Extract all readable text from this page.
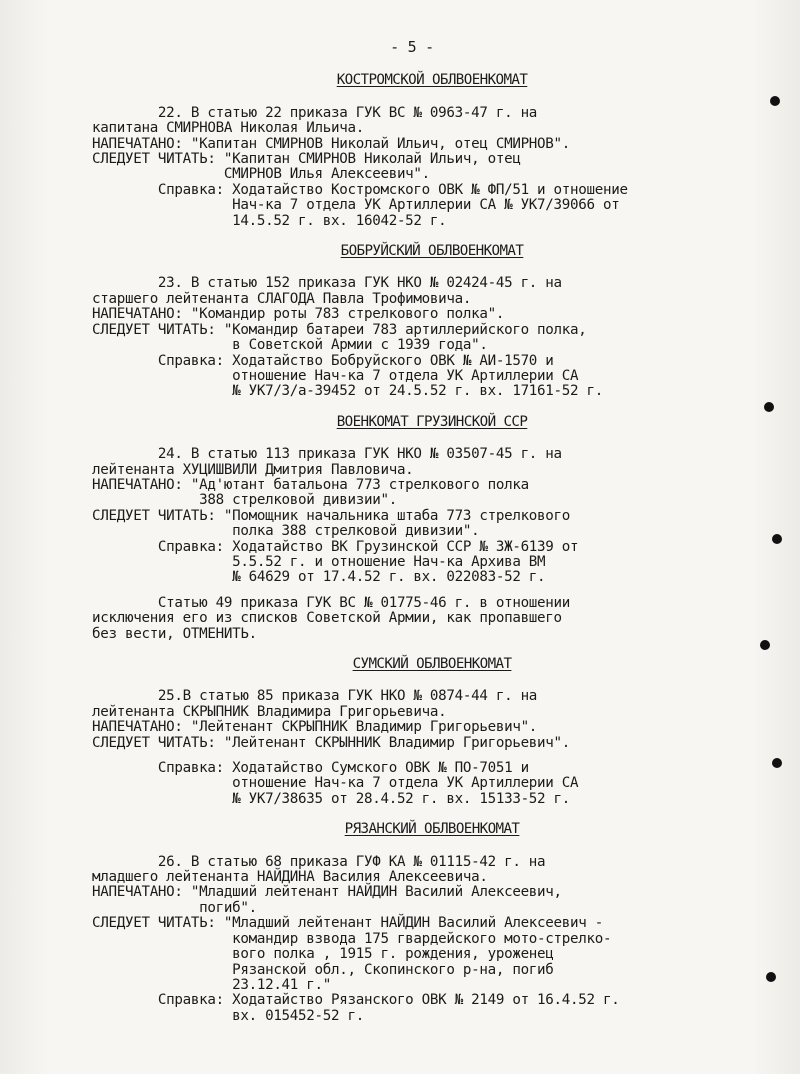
- 5 -
КОСТРОМСКОЙ ОБЛВОЕНКОМАТ
22. В статью 22 приказа ГУК ВС № 0963-47 г. на
капитана СМИРНОВА Николая Ильича.
НАПЕЧАТАНО: "Капитан СМИРНОВ Николай Ильич, отец СМИРНОВ".
СЛЕДУЕТ ЧИТАТЬ: "Капитан СМИРНОВ Николай Ильич, отец
СМИРНОВ Илья Алексеевич".
Справка: Ходатайство Костромского ОВК № ФП/51 и отношение
Нач-ка 7 отдела УК Артиллерии СА № УК7/39066 от
14.5.52 г. вх. 16042-52 г.
БОБРУЙСКИЙ ОБЛВОЕНКОМАТ
23. В статью 152 приказа ГУК НКО № 02424-45 г. на
старшего лейтенанта СЛАГОДА Павла Трофимовича.
НАПЕЧАТАНО: "Командир роты 783 стрелкового полка".
СЛЕДУЕТ ЧИТАТЬ: "Командир батареи 783 артиллерийского полка,
в Советской Армии с 1939 года".
Справка: Ходатайство Бобруйского ОВК № АИ-1570 и
отношение Нач-ка 7 отдела УК Артиллерии СА
№ УК7/3/а-39452 от 24.5.52 г. вх. 17161-52 г.
ВОЕНКОМАТ ГРУЗИНСКОЙ ССР
24. В статью 113 приказа ГУК НКО № 03507-45 г. на
лейтенанта ХУЦИШВИЛИ Дмитрия Павловича.
НАПЕЧАТАНО: "Ад'ютант батальона 773 стрелкового полка
388 стрелковой дивизии".
СЛЕДУЕТ ЧИТАТЬ: "Помощник начальника штаба 773 стрелкового
полка 388 стрелковой дивизии".
Справка: Ходатайство ВК Грузинской ССР № 3Ж-6139 от
5.5.52 г. и отношение Нач-ка Архива ВМ
№ 64629 от 17.4.52 г. вх. 022083-52 г.
Статью 49 приказа ГУК ВС № 01775-46 г. в отношении
исключения его из списков Советской Армии, как пропавшего
без вести, ОТМЕНИТЬ.
СУМСКИЙ ОБЛВОЕНКОМАТ
25.В статью 85 приказа ГУК НКО № 0874-44 г. на
лейтенанта СКРЫПНИК Владимира Григорьевича.
НАПЕЧАТАНО: "Лейтенант СКРЫПНИК Владимир Григорьевич".
СЛЕДУЕТ ЧИТАТЬ: "Лейтенант СКРЫННИК Владимир Григорьевич".
Справка: Ходатайство Сумского ОВК № ПО-7051 и
отношение Нач-ка 7 отдела УК Артиллерии СА
№ УК7/38635 от 28.4.52 г. вх. 15133-52 г.
РЯЗАНСКИЙ ОБЛВОЕНКОМАТ
26. В статью 68 приказа ГУФ КА № 01115-42 г. на
младшего лейтенанта НАЙДИНА Василия Алексеевича.
НАПЕЧАТАНО: "Младший лейтенант НАЙДИН Василий Алексеевич,
погиб".
СЛЕДУЕТ ЧИТАТЬ: "Младший лейтенант НАЙДИН Василий Алексеевич -
командир взвода 175 гвардейского мото-стрелко-
вого полка , 1915 г. рождения, уроженец
Рязанской обл., Скопинского р-на, погиб
23.12.41 г."
Справка: Ходатайство Рязанского ОВК № 2149 от 16.4.52 г.
вх. 015452-52 г.
